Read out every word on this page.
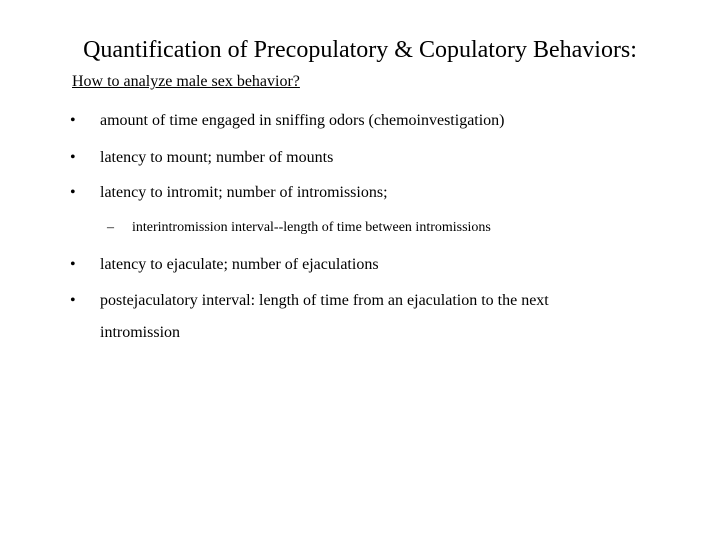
Quantification of Precopulatory & Copulatory Behaviors:
How to analyze male sex behavior?
• amount of time engaged in sniffing odors (chemoinvestigation)
• latency to mount; number of mounts
• latency to intromit; number of intromissions;
– interintromission interval--length of time between intromissions
• latency to ejaculate; number of ejaculations
• postejaculatory interval: length of time from an ejaculation to the next intromission
